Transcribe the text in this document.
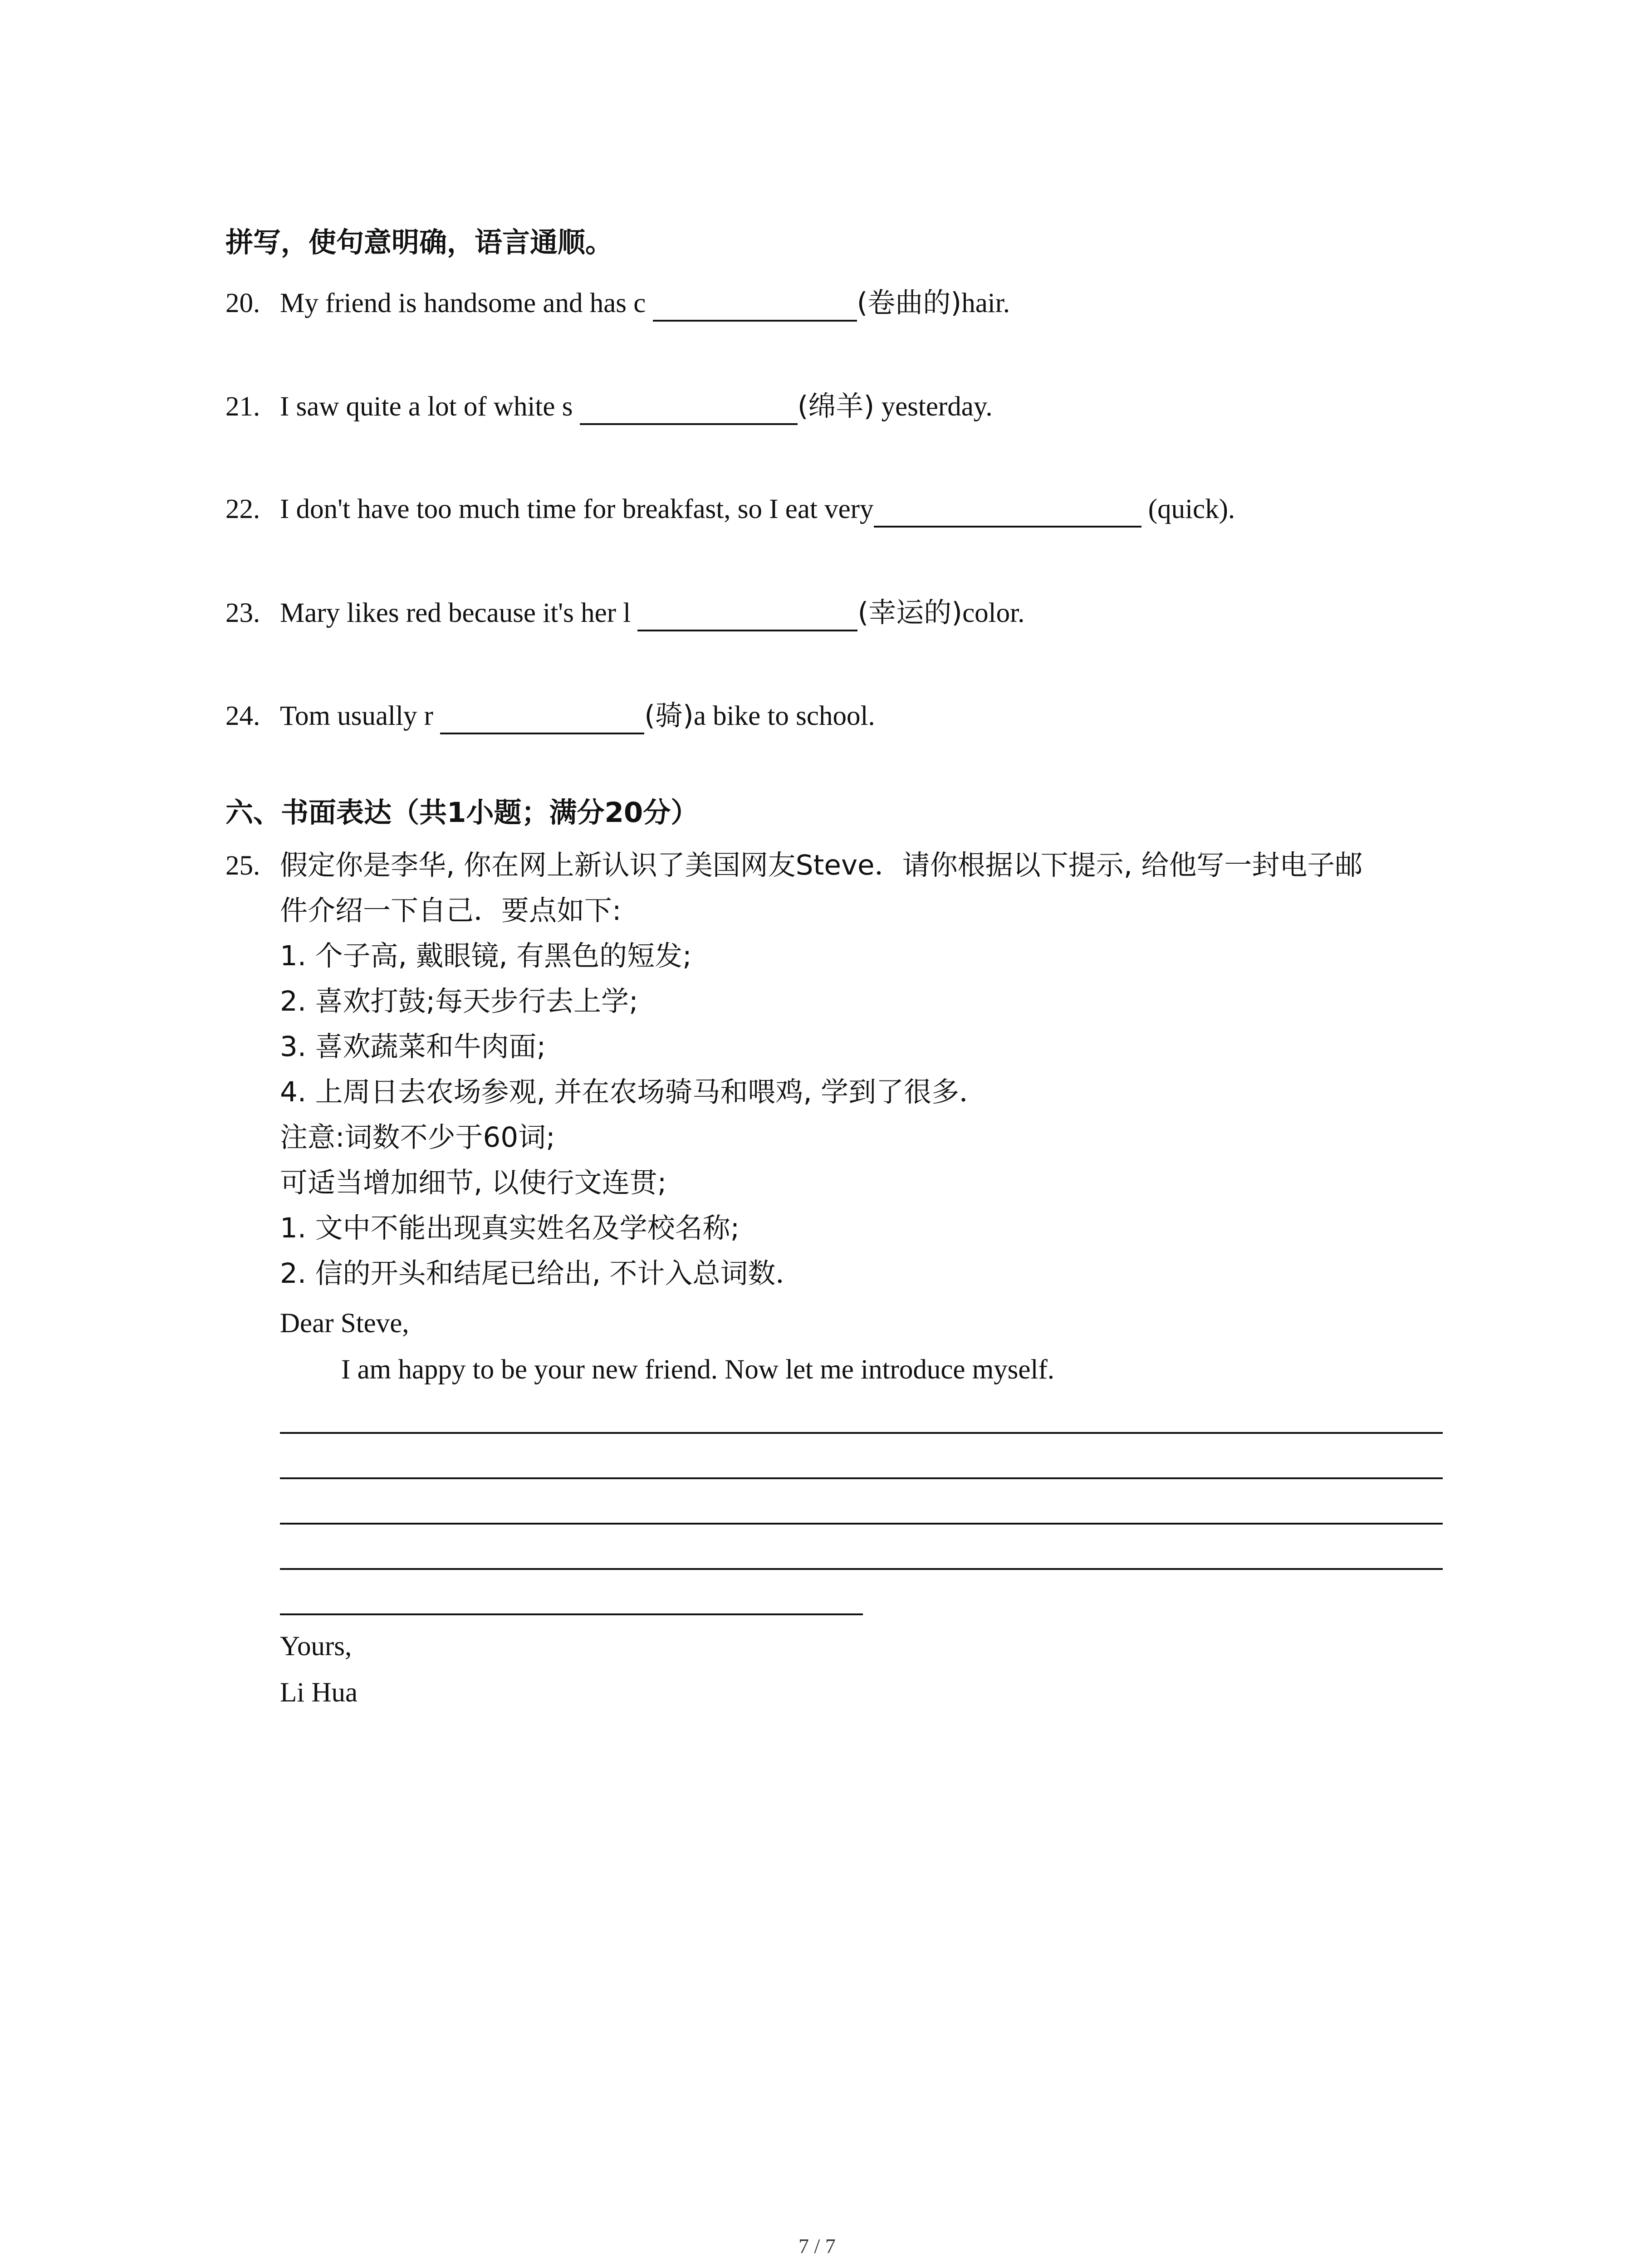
拼写，使句意明确，语言通顺。
20. My friend is handsome and has c	(卷曲的)hair.
21. I saw quite a lot of white s	(绵羊) yesterday.
22. I don't have too much time for breakfast, so I eat very	(quick).
23. Mary likes red because it's her l	(幸运的)color.
24. Tom usually r	(骑)a bike to school.
六、书面表达（共1小题；满分20分）
25. 假定你是李华, 你在网上新认识了美国网友Steve．请你根据以下提示, 给他写一封电子邮
件介绍一下自己．要点如下:
1. 个子高, 戴眼镜, 有黑色的短发;
2. 喜欢打鼓;每天步行去上学;
3. 喜欢蔬菜和牛肉面;
4. 上周日去农场参观, 并在农场骑马和喂鸡, 学到了很多．
注意:词数不少于60词;
可适当增加细节, 以使行文连贯;
1. 文中不能出现真实姓名及学校名称;
2. 信的开头和结尾已给出, 不计入总词数．
Dear Steve,
I am happy to be your new friend. Now let me introduce myself.
Yours,
Li Hua
7 / 7
